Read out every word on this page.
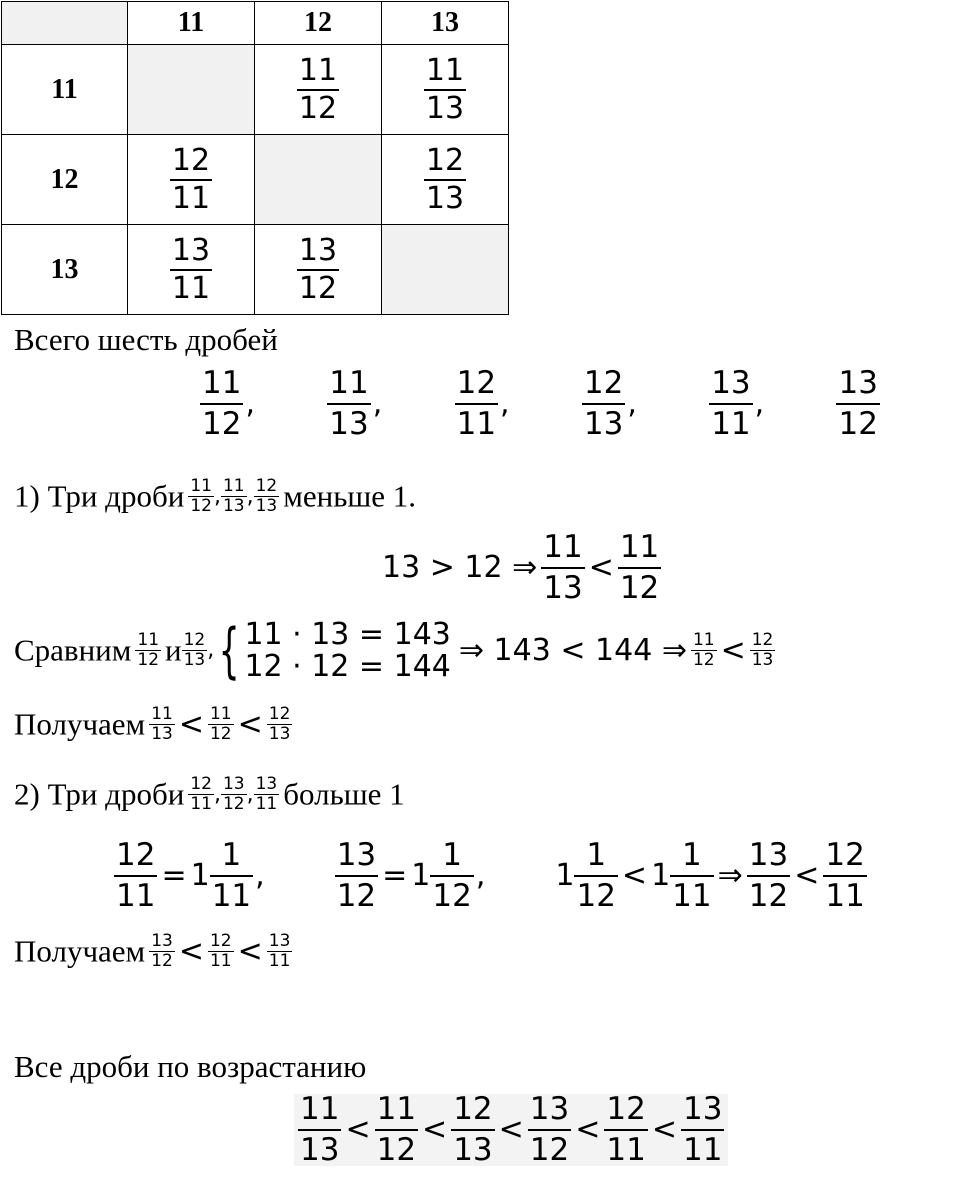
	11	12	13
11		$\frac{11}{12}$	$\frac{11}{13}$

12	$\frac{12}{11}$		$\frac{12}{13}$

13	$\frac{13}{11}$	$\frac{13}{12}$

Всего шесть дробей
$\frac{11}{12}$ , $\frac{11}{13}$ , $\frac{12}{11}$ , $\frac{12}{13}$ , $\frac{13}{11}$ , $\frac{13}{12}$
1) Три дроби $\frac{11}{12}$ , $\frac{11}{13}$ , $\frac{12}{13}$ меньше 1.
13 > 12 ⇒ $\frac{11}{13} < \frac{11}{12}$
Сравним $\frac{11}{12}$ и $\frac{12}{13}$ ,{ 11 · 13 = 143
12 · 12 = 144 ⇒ 143 < 144 ⇒ $\frac{11}{12} < \frac{12}{13}$
Получаем $\frac{11}{13} < \frac{11}{12} < \frac{12}{13}$
2) Три дроби $\frac{12}{11}$ , $\frac{13}{12}$ , $\frac{13}{11}$ больше 1
$\frac{12}{11} = 1 \frac{1}{11}$ , $\frac{13}{12} = 1 \frac{1}{12}$ , $1 \frac{1}{12} < 1 \frac{1}{11}$ ⇒ $\frac{13}{12} < \frac{12}{11}$
Получаем $\frac{13}{12} < \frac{12}{11} < \frac{13}{11}$
Все дроби по возрастанию
$\frac{11}{13} < \frac{11}{12} < \frac{12}{13} < \frac{13}{12} < \frac{12}{11} < \frac{13}{11}$
